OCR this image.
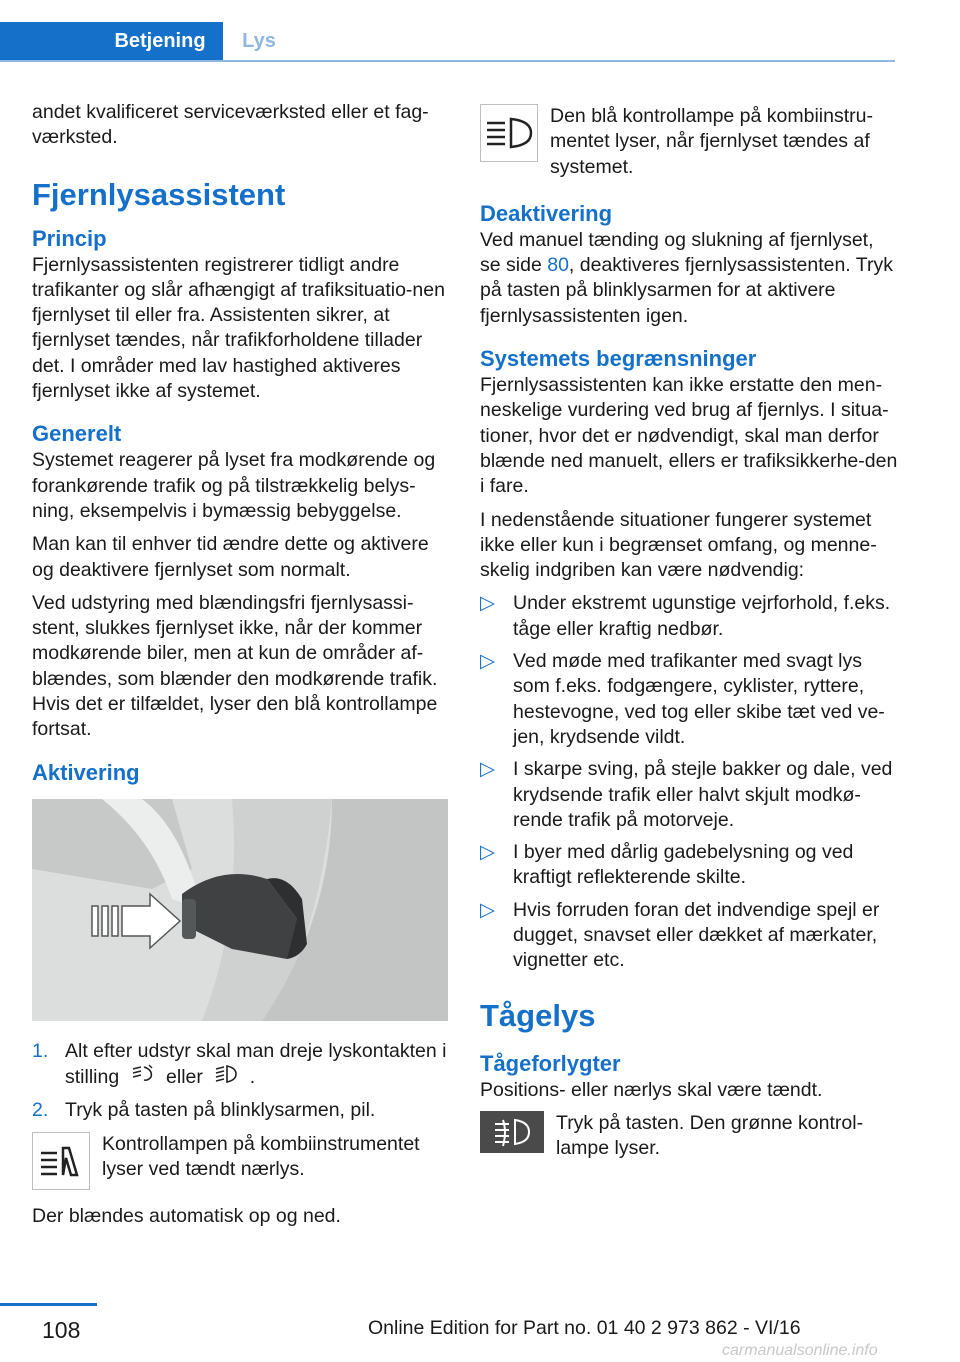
Betjening	Lys

andet kvalificeret serviceværksted eller et fag-værksted.

Fjernlysassistent
Princip

Fjernlysassistenten registrerer tidligt andre trafikanter og slår afhængigt af trafiksituatio-nen fjernlyset til eller fra. Assistenten sikrer, at fjernlyset tændes, når trafikforholdene tillader det. I områder med lav hastighed aktiveres fjernlyset ikke af systemet.

Generelt

Systemet reagerer på lyset fra modkørende og forankørende trafik og på tilstrækkelig belys-ning, eksempelvis i bymæssig bebyggelse.

Man kan til enhver tid ændre dette og aktivere og deaktivere fjernlyset som normalt.

Ved udstyring med blændingsfri fjernlysassi-stent, slukkes fjernlyset ikke, når der kommer modkørende biler, men at kun de områder af-blændes, som blænder den modkørende trafik. Hvis det er tilfældet, lyser den blå kontrollampe fortsat.

Aktivering
1. Alt efter udstyr skal man dreje lyskontakten i stilling eller .
2. Tryk på tasten på blinklysarmen, pil.

Kontrollampen på kombiinstrumentet lyser ved tændt nærlys.

Der blændes automatisk op og ned.

Den blå kontrollampe på kombiinstru-mentet lyser, når fjernlyset tændes af systemet.

Deaktivering

Ved manuel tænding og slukning af fjernlyset, se side 80, deaktiveres fjernlysassistenten. Tryk på tasten på blinklysarmen for at aktivere fjernlysassistenten igen.

Systemets begrænsninger

Fjernlysassistenten kan ikke erstatte den men-neskelige vurdering ved brug af fjernlys. I situa-tioner, hvor det er nødvendigt, skal man derfor blænde ned manuelt, ellers er trafiksikkerhe-den i fare.

I nedenstående situationer fungerer systemet ikke eller kun i begrænset omfang, og menne-skelig indgriben kan være nødvendig:

▷ Under ekstremt ugunstige vejrforhold, f.eks. tåge eller kraftig nedbør.
▷ Ved møde med trafikanter med svagt lys som f.eks. fodgængere, cyklister, ryttere, hestevogne, ved tog eller skibe tæt ved ve-jen, krydsende vildt.
▷ I skarpe sving, på stejle bakker og dale, ved krydsende trafik eller halvt skjult modkø-rende trafik på motorveje.
▷ I byer med dårlig gadebelysning og ved kraftigt reflekterende skilte.
▷ Hvis forruden foran det indvendige spejl er dugget, snavset eller dækket af mærkater, vignetter etc.
Tågelys
Tågeforlygter

Positions- eller nærlys skal være tændt.

Tryk på tasten. Den grønne kontrol-lampe lyser.

108	Online Edition for Part no. 01 40 2 973 862 - VI/16
carmanualsonline.info
